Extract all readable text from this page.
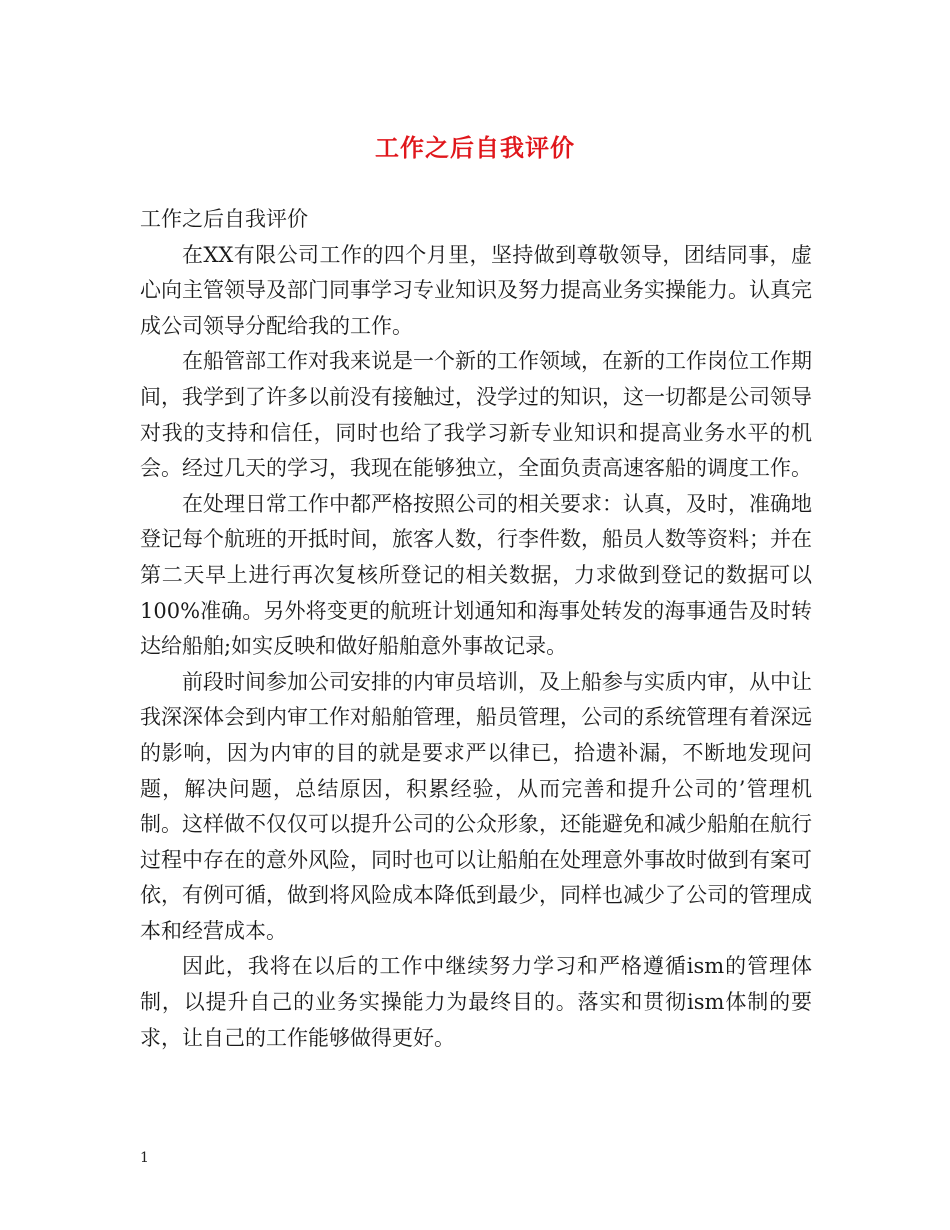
工作之后自我评价

工作之后自我评价

在XX有限公司工作的四个月里，坚持做到尊敬领导，团结同事，虚心向主管领导及部门同事学习专业知识及努力提高业务实操能力。认真完成公司领导分配给我的工作。

在船管部工作对我来说是一个新的工作领域，在新的工作岗位工作期间，我学到了许多以前没有接触过，没学过的知识，这一切都是公司领导对我的支持和信任，同时也给了我学习新专业知识和提高业务水平的机会。经过几天的学习，我现在能够独立，全面负责高速客船的调度工作。

在处理日常工作中都严格按照公司的相关要求：认真，及时，准确地登记每个航班的开抵时间，旅客人数，行李件数，船员人数等资料；并在第二天早上进行再次复核所登记的相关数据，力求做到登记的数据可以100%准确。另外将变更的航班计划通知和海事处转发的海事通告及时转达给船舶;如实反映和做好船舶意外事故记录。

前段时间参加公司安排的内审员培训，及上船参与实质内审，从中让我深深体会到内审工作对船舶管理，船员管理，公司的系统管理有着深远的影响，因为内审的目的就是要求严以律已，拾遗补漏，不断地发现问题，解决问题，总结原因，积累经验，从而完善和提升公司的’管理机制。这样做不仅仅可以提升公司的公众形象，还能避免和减少船舶在航行过程中存在的意外风险，同时也可以让船舶在处理意外事故时做到有案可依，有例可循，做到将风险成本降低到最少，同样也减少了公司的管理成本和经营成本。

因此，我将在以后的工作中继续努力学习和严格遵循ism的管理体制，以提升自己的业务实操能力为最终目的。落实和贯彻ism体制的要求，让自己的工作能够做得更好。

1
